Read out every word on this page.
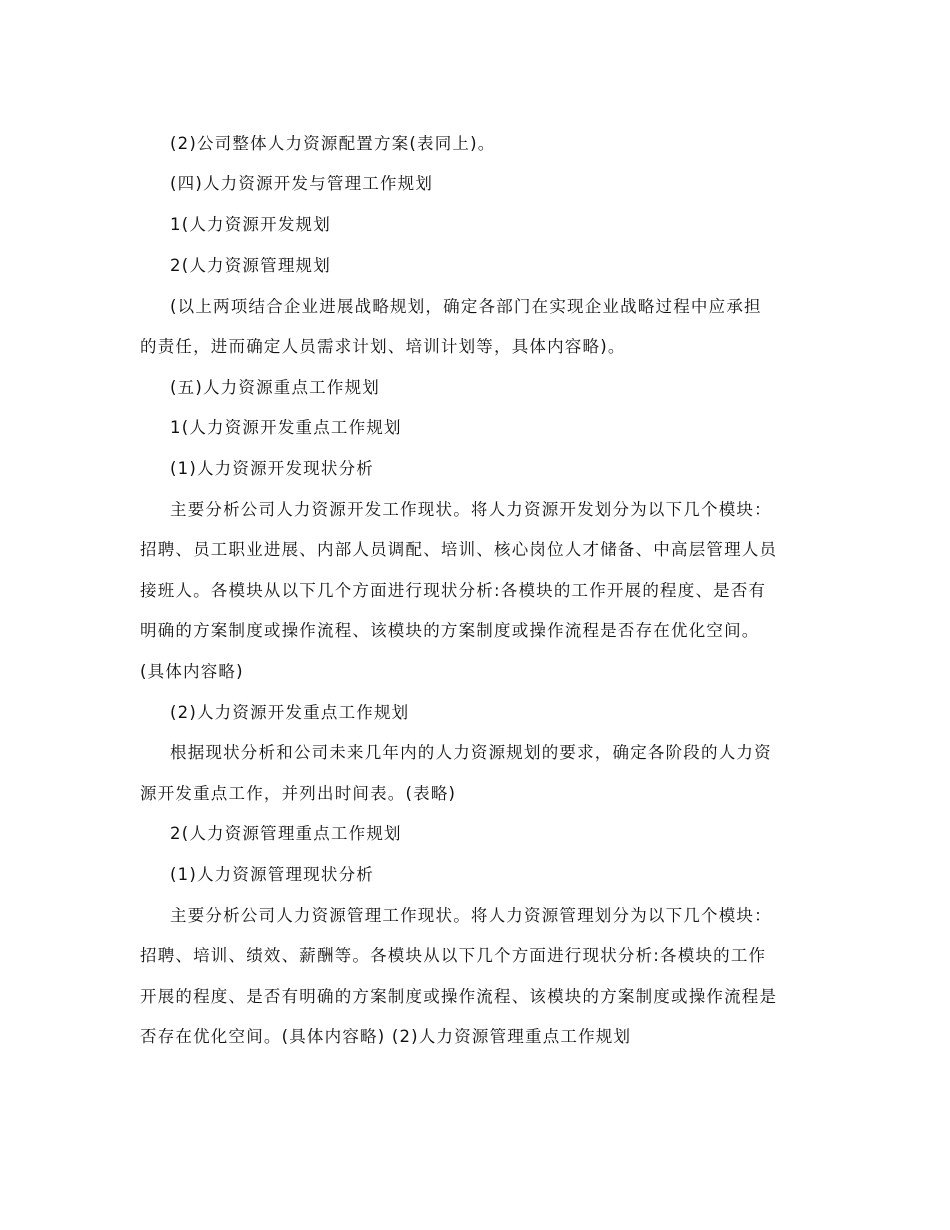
(2)公司整体人力资源配置方案(表同上)。
(四)人力资源开发与管理工作规划
1(人力资源开发规划
2(人力资源管理规划
(以上两项结合企业进展战略规划，确定各部门在实现企业战略过程中应承担
的责任，进而确定人员需求计划、培训计划等，具体内容略)。
(五)人力资源重点工作规划
1(人力资源开发重点工作规划
(1)人力资源开发现状分析
主要分析公司人力资源开发工作现状。将人力资源开发划分为以下几个模块：
招聘、员工职业进展、内部人员调配、培训、核心岗位人才储备、中高层管理人员
接班人。各模块从以下几个方面进行现状分析:各模块的工作开展的程度、是否有
明确的方案制度或操作流程、该模块的方案制度或操作流程是否存在优化空间。
(具体内容略)
(2)人力资源开发重点工作规划
根据现状分析和公司未来几年内的人力资源规划的要求，确定各阶段的人力资
源开发重点工作，并列出时间表。(表略)
2(人力资源管理重点工作规划
(1)人力资源管理现状分析
主要分析公司人力资源管理工作现状。将人力资源管理划分为以下几个模块：
招聘、培训、绩效、薪酬等。各模块从以下几个方面进行现状分析:各模块的工作
开展的程度、是否有明确的方案制度或操作流程、该模块的方案制度或操作流程是
否存在优化空间。(具体内容略) (2)人力资源管理重点工作规划
